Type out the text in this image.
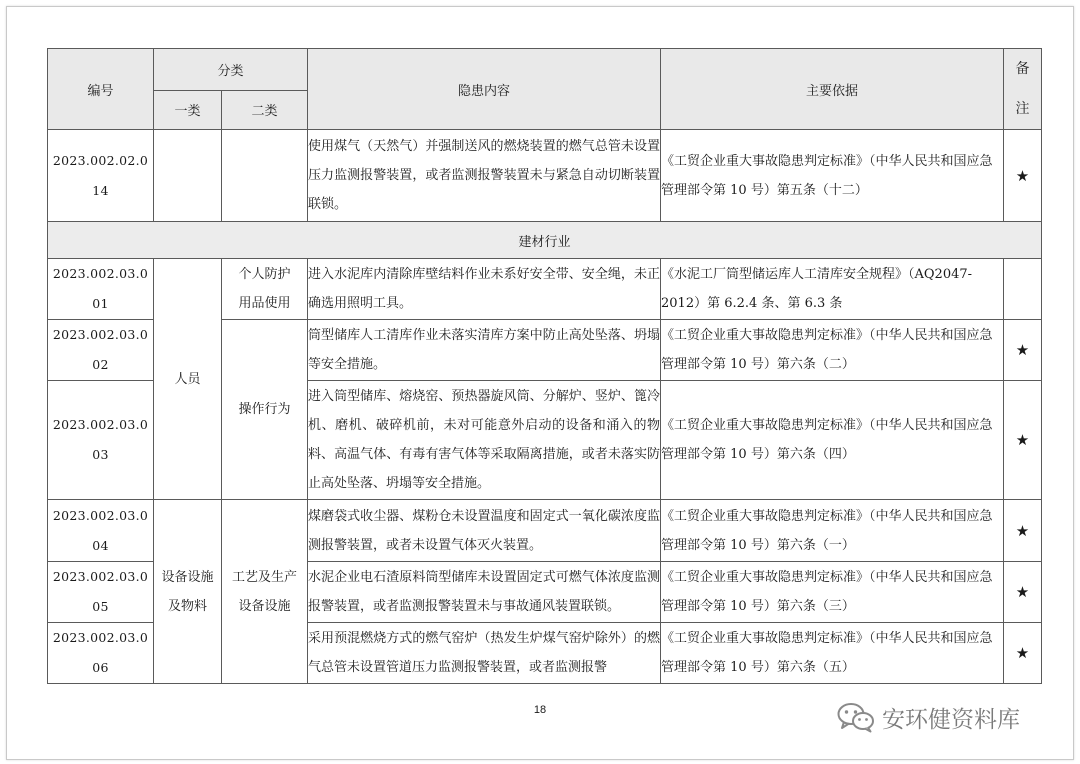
编号	分类		隐患内容	主要依据	备注
	一类	二类			

2023.002.02.0
14			使用煤气（天然气）并强制送风的燃烧装置的燃气总管未设置压力监测报警装置，或者监测报警装置未与紧急自动切断装置联锁。	《工贸企业重大事故隐患判定标准》（中华人民共和国应急管理部令第 10 号）第五条（十二）	★
建材行业					

2023.002.03.0
01	人员	个人防护用品使用	进入水泥库内清除库壁结料作业未系好安全带、安全绳，未正确选用照明工具。	《水泥工厂筒型储运库人工清库安全规程》（AQ2047-2012）第 6.2.4 条、第 6.3 条	

2023.002.03.0
02		操作行为	筒型储库人工清库作业未落实清库方案中防止高处坠落、坍塌等安全措施。	《工贸企业重大事故隐患判定标准》（中华人民共和国应急管理部令第 10 号）第六条（二）	★

2023.002.03.0
03			进入筒型储库、熔烧窑、预热器旋风筒、分解炉、竖炉、篦冷机、磨机、破碎机前，未对可能意外启动的设备和涌入的物料、高温气体、有毒有害气体等采取隔离措施，或者未落实防止高处坠落、坍塌等安全措施。	《工贸企业重大事故隐患判定标准》（中华人民共和国应急管理部令第 10 号）第六条（四）	★

2023.002.03.0
04	设备设施及物料	工艺及生产设备设施	煤磨袋式收尘器、煤粉仓未设置温度和固定式一氧化碳浓度监测报警装置，或者未设置气体灭火装置。	《工贸企业重大事故隐患判定标准》（中华人民共和国应急管理部令第 10 号）第六条（一）	★

2023.002.03.0
05			水泥企业电石渣原料筒型储库未设置固定式可燃气体浓度监测报警装置，或者监测报警装置未与事故通风装置联锁。	《工贸企业重大事故隐患判定标准》（中华人民共和国应急管理部令第 10 号）第六条（三）	★

2023.002.03.0
06			采用预混燃烧方式的燃气窑炉（热发生炉煤气窑炉除外）的燃气总管未设置管道压力监测报警装置，或者监测报警	《工贸企业重大事故隐患判定标准》（中华人民共和国应急管理部令第 10 号）第六条（五）	★
18	安环健资料库
